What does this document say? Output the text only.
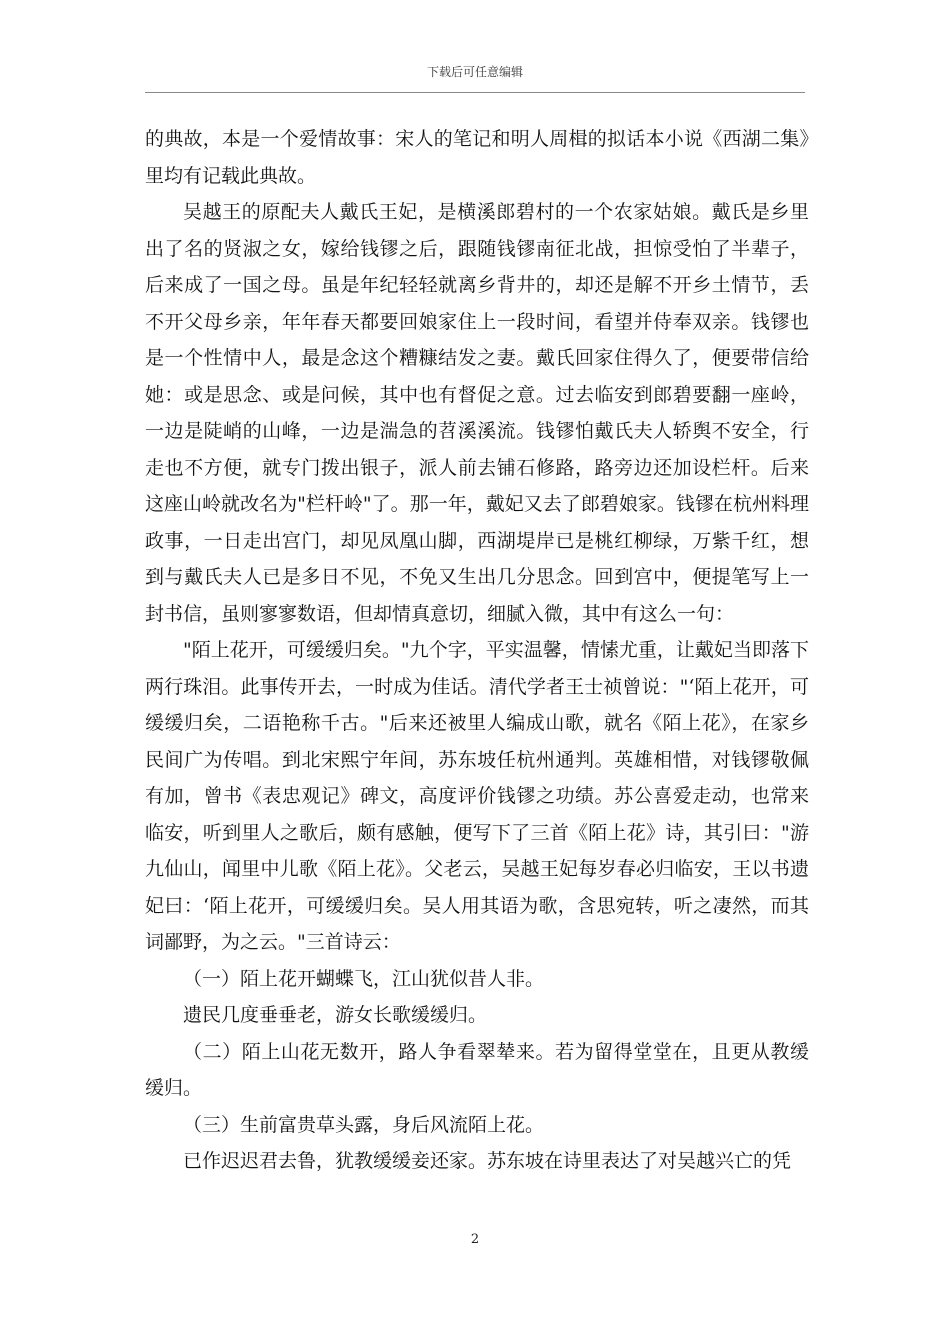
下载后可任意编辑

的典故，本是一个爱情故事：宋人的笔记和明人周楫的拟话本小说《西湖二集》里均有记载此典故。

吴越王的原配夫人戴氏王妃，是横溪郎碧村的一个农家姑娘。戴氏是乡里出了名的贤淑之女，嫁给钱镠之后，跟随钱镠南征北战，担惊受怕了半辈子，后来成了一国之母。虽是年纪轻轻就离乡背井的，却还是解不开乡土情节，丢不开父母乡亲，年年春天都要回娘家住上一段时间，看望并侍奉双亲。钱镠也是一个性情中人，最是念这个糟糠结发之妻。戴氏回家住得久了，便要带信给她：或是思念、或是问候，其中也有督促之意。过去临安到郎碧要翻一座岭，一边是陡峭的山峰，一边是湍急的苕溪溪流。钱镠怕戴氏夫人轿舆不安全，行走也不方便，就专门拨出银子，派人前去铺石修路，路旁边还加设栏杆。后来这座山岭就改名为"栏杆岭"了。那一年，戴妃又去了郎碧娘家。钱镠在杭州料理政事，一日走出宫门，却见凤凰山脚，西湖堤岸已是桃红柳绿，万紫千红，想到与戴氏夫人已是多日不见，不免又生出几分思念。回到宫中，便提笔写上一封书信，虽则寥寥数语，但却情真意切，细腻入微，其中有这么一句：

"陌上花开，可缓缓归矣。"九个字，平实温馨，情愫尤重，让戴妃当即落下两行珠泪。此事传开去，一时成为佳话。清代学者王士祯曾说："‘陌上花开，可缓缓归矣，二语艳称千古。"后来还被里人编成山歌，就名《陌上花》，在家乡民间广为传唱。到北宋熙宁年间，苏东坡任杭州通判。英雄相惜，对钱镠敬佩有加，曾书《表忠观记》碑文，高度评价钱镠之功绩。苏公喜爱走动，也常来临安，听到里人之歌后，颇有感触，便写下了三首《陌上花》诗，其引曰："游九仙山，闻里中儿歌《陌上花》。父老云，吴越王妃每岁春必归临安，王以书遗妃曰：‘陌上花开，可缓缓归矣。吴人用其语为歌，含思宛转，听之凄然，而其词鄙野，为之云。"三首诗云：

（一）陌上花开蝴蝶飞，江山犹似昔人非。

遗民几度垂垂老，游女长歌缓缓归。

（二）陌上山花无数开，路人争看翠辇来。若为留得堂堂在，且更从教缓缓归。

（三）生前富贵草头露，身后风流陌上花。

已作迟迟君去鲁，犹教缓缓妾还家。苏东坡在诗里表达了对吴越兴亡的凭

2
